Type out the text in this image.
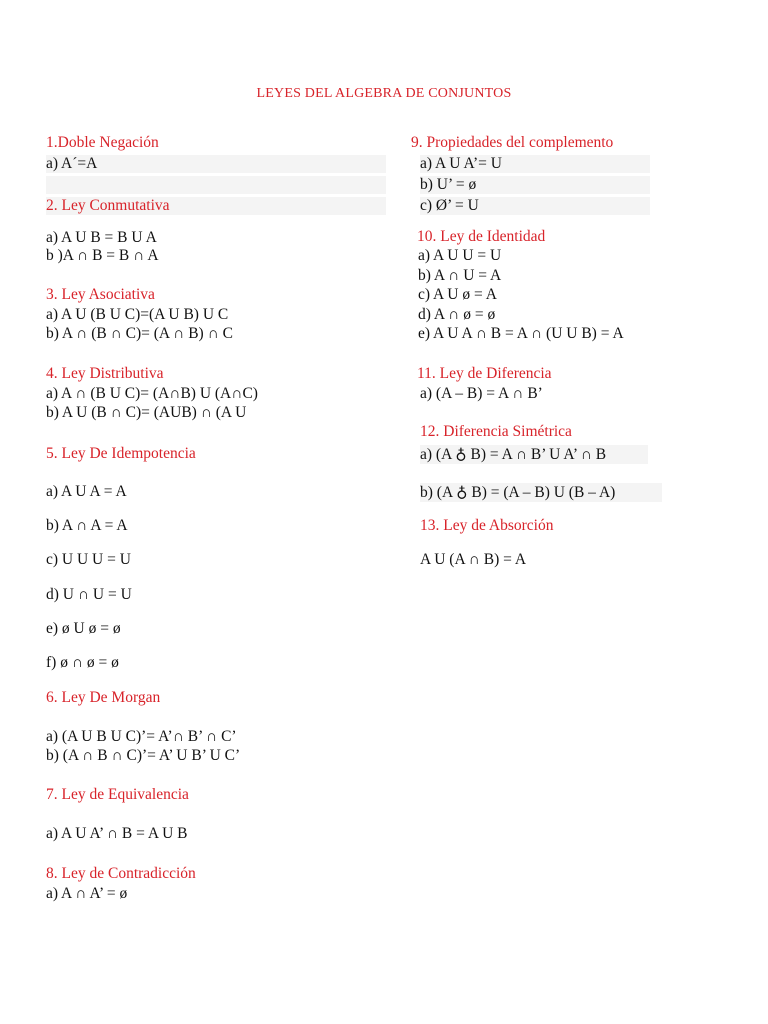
LEYES DEL ALGEBRA DE CONJUNTOS
1.Doble Negación
a) A´=A
2. Ley Conmutativa
a) A U B = B U A
b )A ∩ B = B ∩ A
3. Ley Asociativa
a) A U (B U C)=(A U B) U C
b) A ∩ (B ∩ C)= (A ∩ B) ∩ C
4. Ley Distributiva
a) A ∩ (B U C)= (A∩B) U (A∩C)
b) A U (B ∩ C)= (AUB) ∩ (A U
5. Ley De Idempotencia
a) A U A = A
b) A ∩ A = A
c) U U U = U
d) U ∩ U = U
e) ø U ø = ø
f) ø ∩ ø = ø
6. Ley De Morgan
a) (A U B U C)’= A’∩ B’ ∩ C’
b) (A ∩ B ∩ C)’= A’ U B’ U C’
7. Ley de Equivalencia
a) A U A’ ∩ B = A U B
8. Ley de Contradicción
a) A ∩ A’ = ø
9. Propiedades del complemento
a) A U A’= U
b) U’ = ø
c) Ø’ = U
10. Ley de Identidad
a) A U U = U
b) A ∩ U = A
c) A U ø = A
d) A ∩ ø = ø
e) A U A ∩ B = A ∩ (U U B) = A
11. Ley de Diferencia
a) (A – B) = A ∩ B’
12. Diferencia Simétrica
a) (A ♁ B) = A ∩ B’ U A’ ∩ B
b) (A ♁ B) = (A – B) U (B – A)
13. Ley de Absorción
A U (A ∩ B) = A
